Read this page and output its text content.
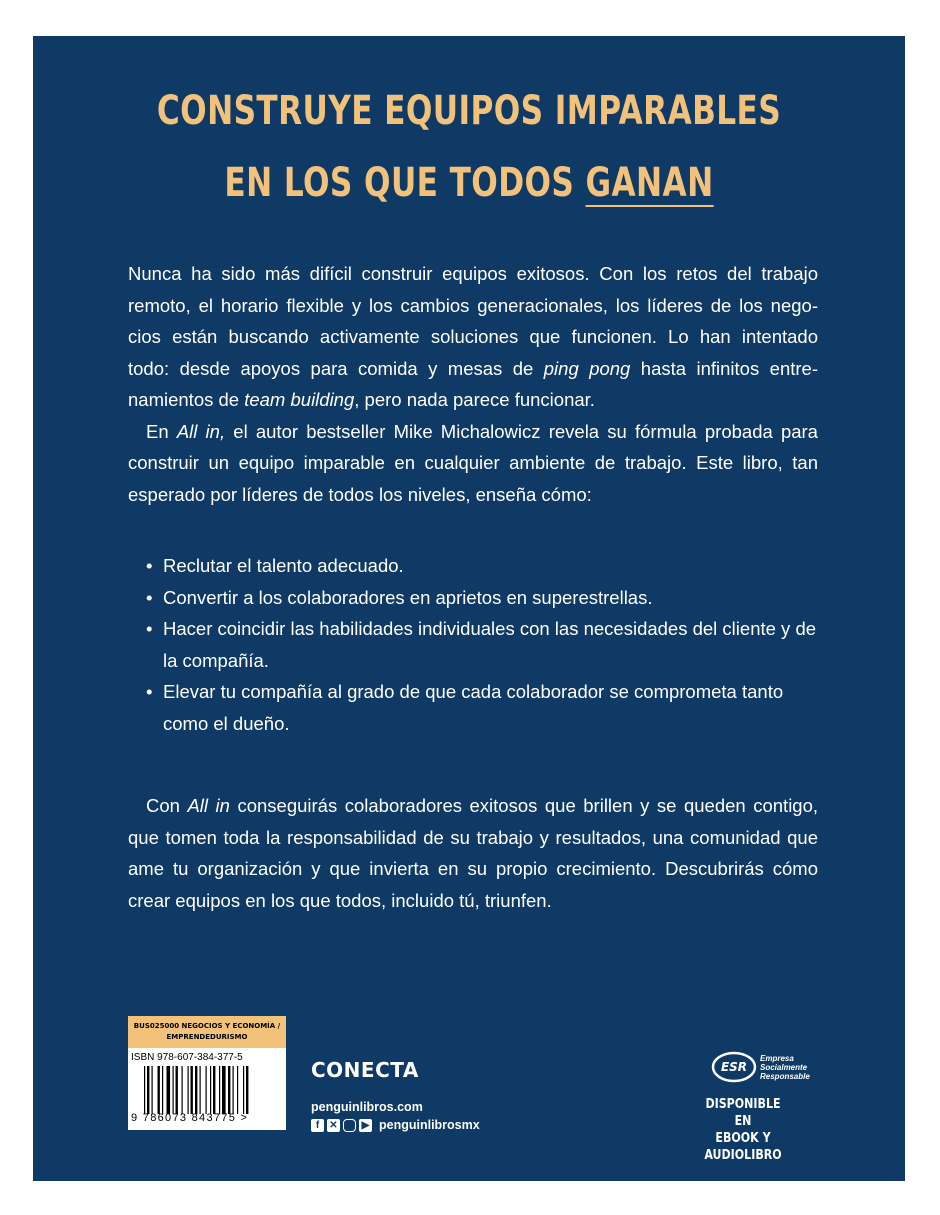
CONSTRUYE EQUIPOS IMPARABLES
EN LOS QUE TODOS GANAN
Nunca ha sido más difícil construir equipos exitosos. Con los retos del trabajo
remoto, el horario flexible y los cambios generacionales, los líderes de los nego-
cios están buscando activamente soluciones que funcionen. Lo han intentado
todo: desde apoyos para comida y mesas de ping pong hasta infinitos entre-
namientos de team building, pero nada parece funcionar.
En All in, el autor bestseller Mike Michalowicz revela su fórmula probada para
construir un equipo imparable en cualquier ambiente de trabajo. Este libro, tan
esperado por líderes de todos los niveles, enseña cómo:
• Reclutar el talento adecuado.
• Convertir a los colaboradores en aprietos en superestrellas.
• Hacer coincidir las habilidades individuales con las necesidades del cliente y de la compañía.
• Elevar tu compañía al grado de que cada colaborador se comprometa tanto como el dueño.
Con All in conseguirás colaboradores exitosos que brillen y se queden contigo, que tomen toda la responsabilidad de su trabajo y resultados, una comunidad que ame tu organización y que invierta en su propio crecimiento. Descubrirás cómo crear equipos en los que todos, incluido tú, triunfen.
BUS025000 NEGOCIOS Y ECONOMÍA /
EMPRENDEDURISMO
ISBN 978-607-384-377-5
9 786073 843775 >
CONECTA
penguinlibros.com
f	✕ ▶ penguinlibrosmx
ESR
Empresa
Socialmente
Responsable
DISPONIBLE EN
EBOOK Y AUDIOLIBRO
